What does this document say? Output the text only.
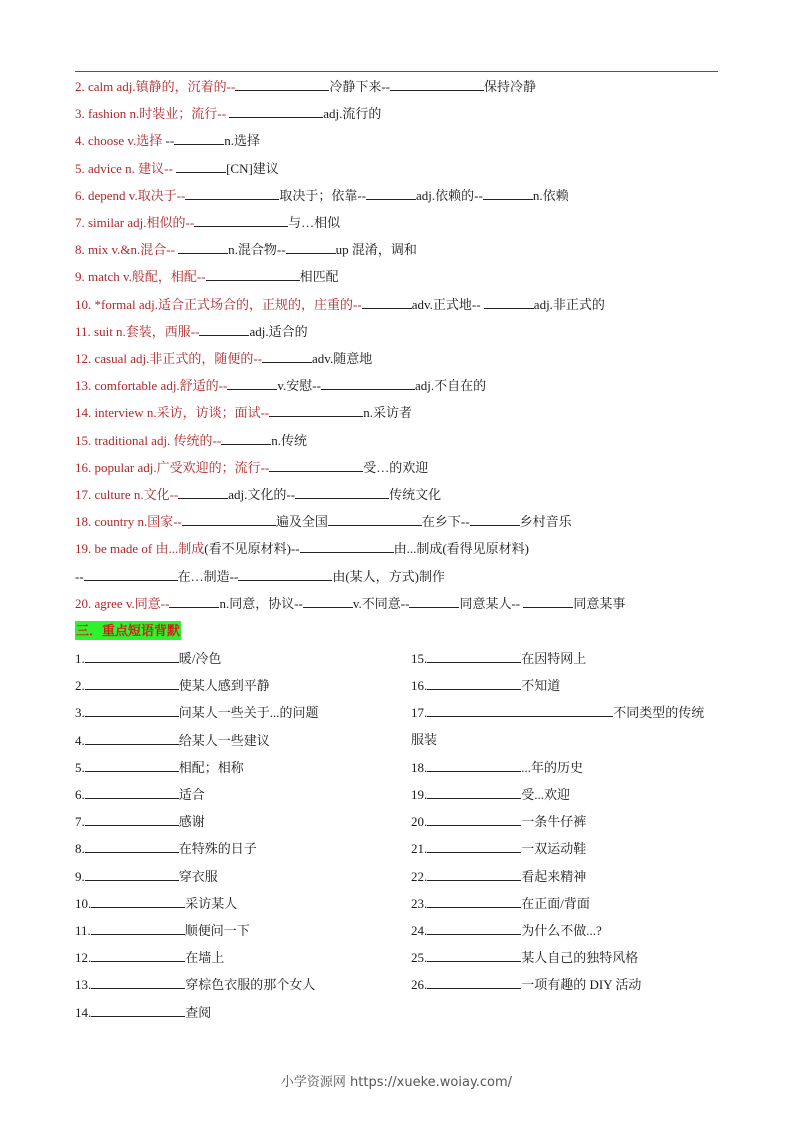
2. calm adj.镇静的，沉着的--	冷静下来--	保持冷静
3. fashion n.时装业；流行--	adj.流行的
4. choose v.选择 --	n.选择
5. advice n. 建议--	[CN]建议
6. depend v.取决于--	取决于；依靠--	adj.依赖的--	n.依赖
7. similar adj.相似的--	与…相似
8. mix v.&n.混合--	n.混合物--	up 混淆，调和
9. match v.般配，相配--	相匹配
10. *formal adj.适合正式场合的，正规的，庄重的--	adv.正式地--	adj.非正式的
11. suit n.套装，西服--	adj.适合的
12. casual adj.非正式的，随便的--	adv.随意地
13. comfortable adj.舒适的--	v.安慰--	adj.不自在的
14. interview n.采访，访谈；面试--	n.采访者
15. traditional adj. 传统的--	n.传统
16. popular adj.广受欢迎的；流行--	受…的欢迎
17. culture n.文化--	adj.文化的--	传统文化
18. country n.国家--	遍及全国	在乡下--	乡村音乐
19. be made of 由...制成(看不见原材料)--	由...制成(看得见原材料)
--	在…制造--	由(某人，方式)制作
20. agree v.同意--	n.同意，协议--	v.不同意--	同意某人--	同意某事
三．重点短语背默
1.	暖/冷色
2.	使某人感到平静
3.	问某人一些关于...的问题
4.	给某人一些建议
5.	相配；相称
6.	适合
7.	感谢
8.	在特殊的日子
9.	穿衣服
10.	采访某人
11.	顺便问一下
12.	在墙上
13.	穿棕色衣服的那个女人
14.	查阅
15.	在因特网上
16.	不知道
17.	不同类型的传统
服装
18.	...年的历史
19.	受...欢迎
20.	一条牛仔裤
21.	一双运动鞋
22.	看起来精神
23.	在正面/背面
24.	为什么不做...?
25.	某人自己的独特风格
26.	一项有趣的 DIY 活动
小学资源网 https://xueke.woiay.com/
